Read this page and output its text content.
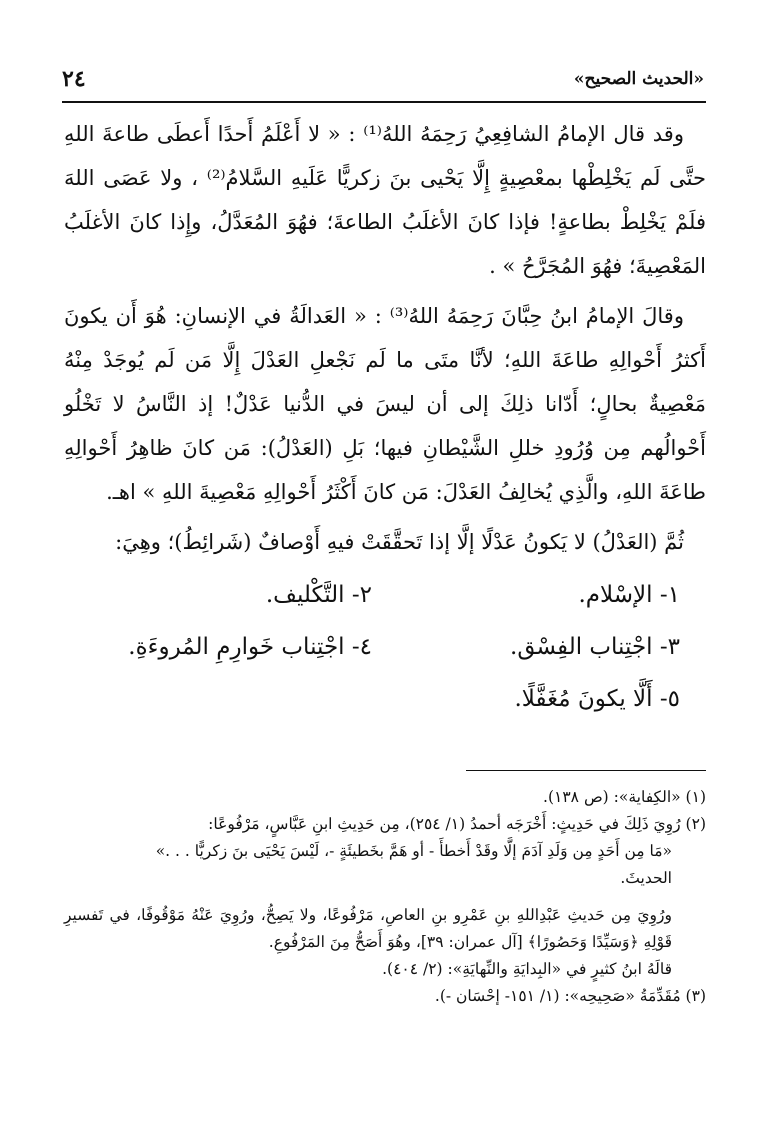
٢٤	«الحديث الصحيح»

وقد قال الإمامُ الشافِعِيُ رَحِمَهُ اللهُ⁽¹⁾ : « لا أَعْلَمُ أَحدًا أَعطَى طاعةَ اللهِ حتَّى لَم يَخْلِطْها بمعْصِيةٍ إِلَّا يَحْيى بنَ زكريًّا عَلَيهِ السَّلامُ⁽²⁾ ، ولا عَصَى اللهَ فلَمْ يَخْلِطْ بطاعةٍ! فإذا كانَ الأغلَبُ الطاعةَ؛ فهُوَ المُعَدَّلُ، وإِذا كانَ الأغلَبُ المَعْصِيةَ؛ فهُوَ المُجَرَّحُ » .

وقالَ الإمامُ ابنُ حِبَّانَ رَحِمَهُ اللهُ⁽³⁾ : « العَدالَةُ في الإنسانِ: هُوَ أَن يكونَ أَكثرُ أَحْوالِهِ طاعَةَ اللهِ؛ لأنَّا متَى ما لَم نَجْعلِ العَدْلَ إِلَّا مَن لَم يُوجَدْ مِنْهُ مَعْصِيةٌ بحالٍ؛ أَدّانا ذلِكَ إلى أن ليسَ في الدُّنيا عَدْلٌ! إذ النَّاسُ لا تَخْلُو أَحْوالُهم مِن وُرُودِ خللِ الشَّيْطانِ فيها؛ بَلِ (العَدْلُ): مَن كانَ ظاهِرُ أَحْوالِهِ طاعَةَ اللهِ، والَّذِي يُخالِفُ العَدْلَ: مَن كانَ أَكْثَرُ أَحْوالِهِ مَعْصِيةَ اللهِ » اهـ.

ثُمَّ (العَدْلُ) لا يَكونُ عَدْلًا إلَّا إذا تَحقَّقَتْ فيهِ أَوْصافٌ (شَرائِطُ)؛ وهِيَ:

١- الإسْلام.
٢- التَّكْليف.
٣- اجْتِناب الفِسْق.
٤- اجْتِناب خَوارِمِ المُروءَةِ.
٥- أَلَّا يكونَ مُغَفَّلًا.

(١) «الكِفاية»: (ص ١٣٨).

(٢) رُوِيَ ذَلِكَ في حَدِيثٍ: أَخْرَجَه أحمدُ (١/ ٢٥٤)، مِن حَدِيثِ ابنِ عَبَّاسٍ، مَرْفُوعًا:

«مَا مِن أَحَدٍ مِن وَلَدِ آدَمَ إلَّا وقَدْ أَخطأَ - أو هَمَّ بخَطيئَةٍ -، لَيْسَ يَحْيَى بنَ زكريًّا . . .»

الحديثَ.

ورُوِيَ مِن حَديثِ عَبْدِاللهِ بنِ عَمْرِو بنِ العاصِ، مَرْفُوعًا، ولا يَصِحُّ، ورُوِيَ عَنْهُ مَوْقُوفًا، في تَفسيرِ قَوْلِهِ ﴿وَسَيِّدًا وَحَصُورًا﴾ [آل عمران: ٣٩]، وهُوَ أَصَحُّ مِنَ المَرْفُوعِ.

قالَهُ ابنُ كثيرٍ في «البِدايَةِ والنِّهايَةِ»: (٢/ ٤٠٤).

(٣) مُقَدِّمَةُ «صَحِيحِه»: (١/ ١٥١- إحْسَان -).
